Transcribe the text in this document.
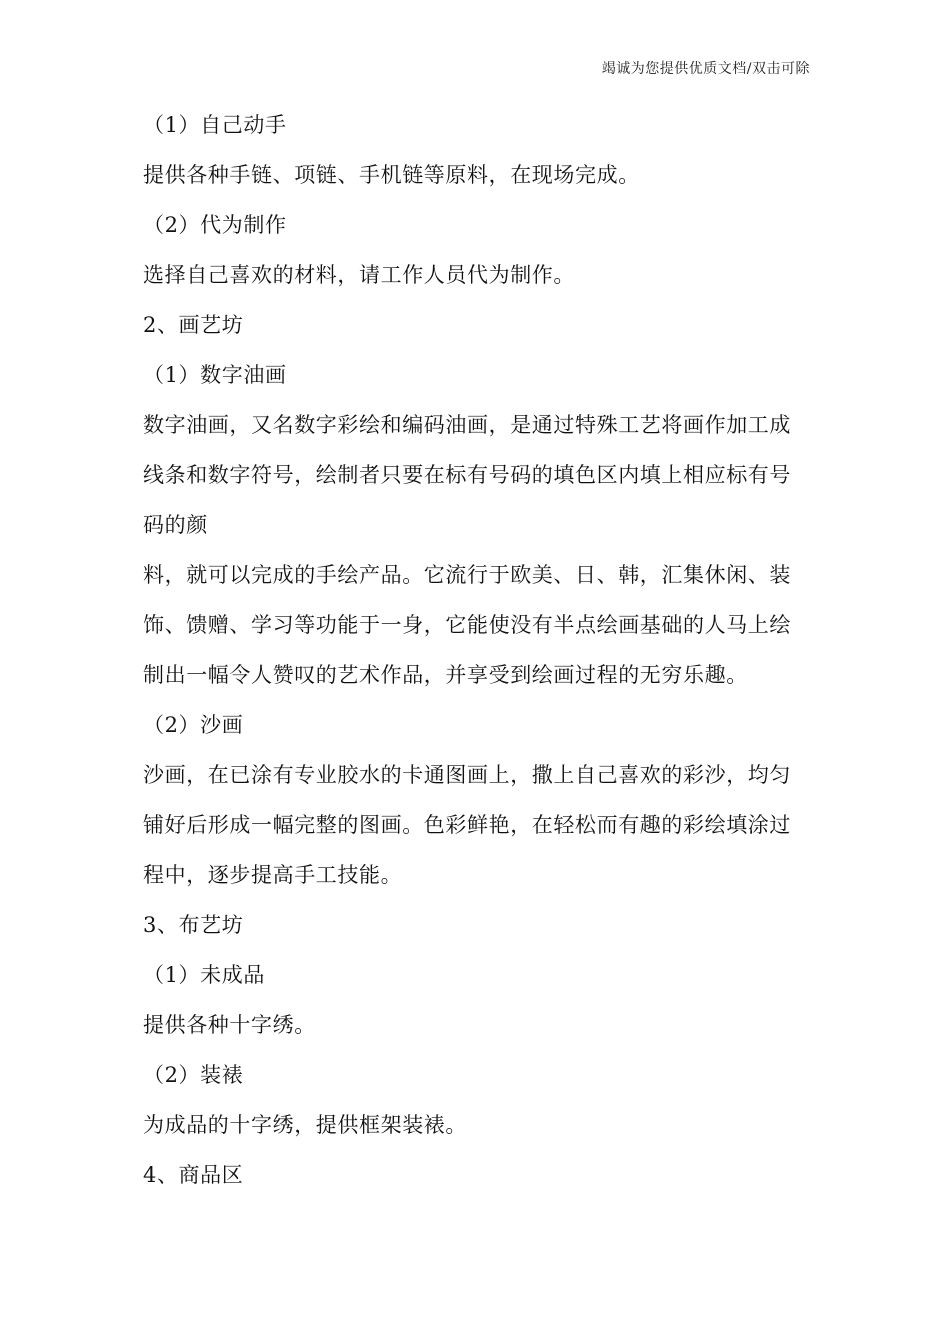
竭诚为您提供优质文档/双击可除
（1）自己动手
提供各种手链、项链、手机链等原料，在现场完成。
（2）代为制作
选择自己喜欢的材料，请工作人员代为制作。
2、画艺坊
（1）数字油画
数字油画，又名数字彩绘和编码油画，是通过特殊工艺将画作加工成
线条和数字符号，绘制者只要在标有号码的填色区内填上相应标有号
码的颜
料，就可以完成的手绘产品。它流行于欧美、日、韩，汇集休闲、装
饰、馈赠、学习等功能于一身，它能使没有半点绘画基础的人马上绘
制出一幅令人赞叹的艺术作品，并享受到绘画过程的无穷乐趣。
（2）沙画
沙画，在已涂有专业胶水的卡通图画上，撒上自己喜欢的彩沙，均匀
铺好后形成一幅完整的图画。色彩鲜艳，在轻松而有趣的彩绘填涂过
程中，逐步提高手工技能。
3、布艺坊
（1）未成品
提供各种十字绣。
（2）装裱
为成品的十字绣，提供框架装裱。
4、商品区
